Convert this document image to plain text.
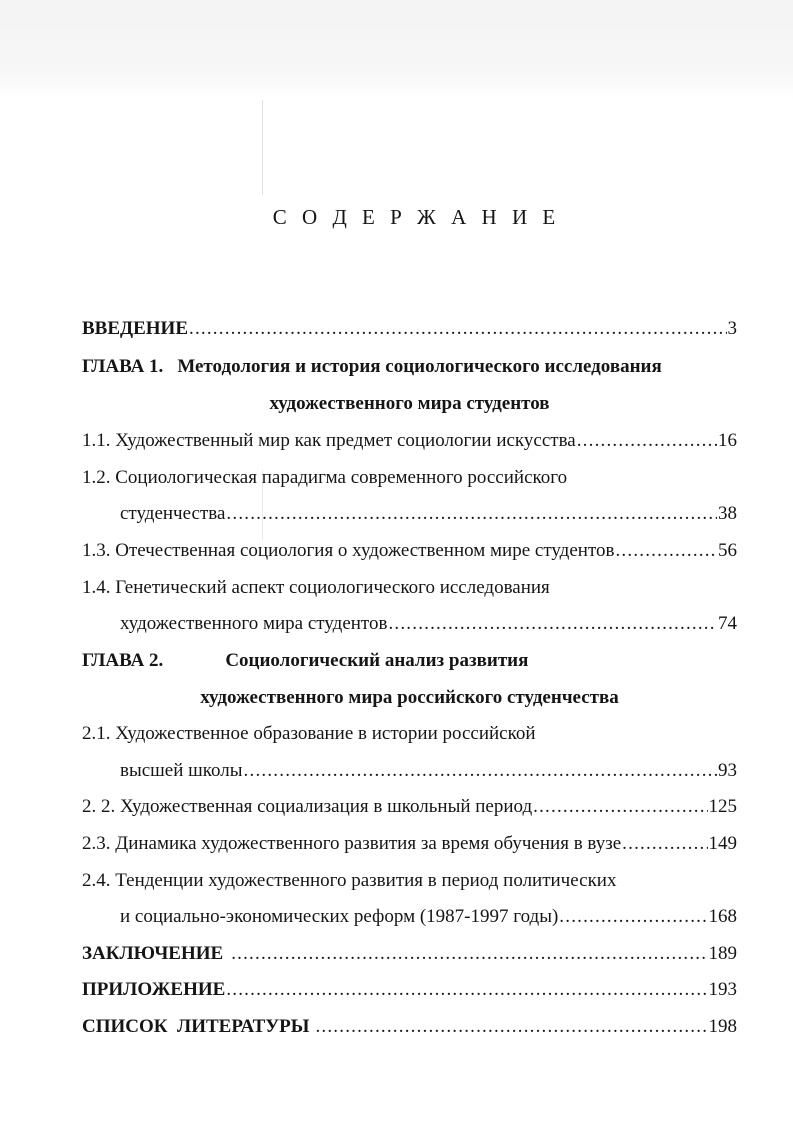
С О Д Е Р Ж А Н И Е
ВВЕДЕНИЕ .....	3
ГЛАВА 1. Методология и история социологического исследования
художественного мира студентов
1.1. Художественный мир как предмет социологии искусства .....	16
1.2. Социологическая парадигма современного российского
студенчества .....	38
1.3. Отечественная социология о художественном мире студентов .....	56
1.4. Генетический аспект социологического исследования
художественного мира студентов .....	74
ГЛАВА 2.	Социологический анализ развития
художественного мира российского студенчества
2.1. Художественное образование в истории российской
высшей школы .....	93
2. 2. Художественная социализация в школьный период .....	125
2.3. Динамика художественного развития за время обучения в вузе .....	149
2.4. Тенденции художественного развития в период политических
и социально-экономических реформ (1987-1997 годы) .....	168
ЗАКЛЮЧЕНИЕ .....	189
ПРИЛОЖЕНИЕ .....	193
СПИСОК  ЛИТЕРАТУРЫ .....	198
